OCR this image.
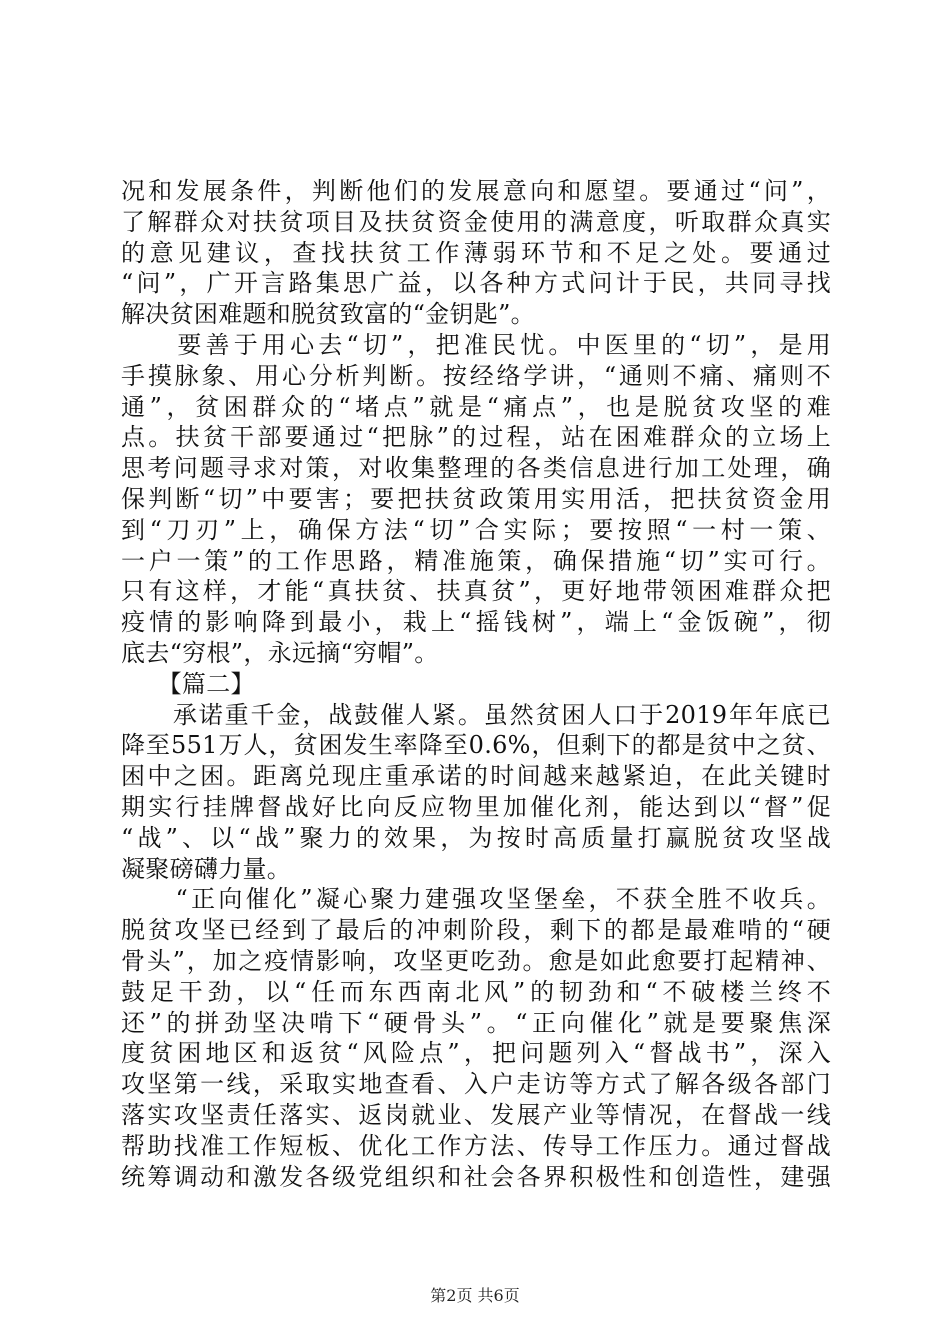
况和发展条件，判断他们的发展意向和愿望。要通过“问”，
了解群众对扶贫项目及扶贫资金使用的满意度，听取群众真实
的意见建议，查找扶贫工作薄弱环节和不足之处。要通过
“问”，广开言路集思广益，以各种方式问计于民，共同寻找
解决贫困难题和脱贫致富的“金钥匙”。
　　要善于用心去“切”，把准民忧。中医里的“切”，是用
手摸脉象、用心分析判断。按经络学讲，“通则不痛、痛则不
通”，贫困群众的“堵点”就是“痛点”，也是脱贫攻坚的难
点。扶贫干部要通过“把脉”的过程，站在困难群众的立场上
思考问题寻求对策，对收集整理的各类信息进行加工处理，确
保判断“切”中要害；要把扶贫政策用实用活，把扶贫资金用
到“刀刃”上，确保方法“切”合实际；要按照“一村一策、
一户一策”的工作思路，精准施策，确保措施“切”实可行。
只有这样，才能“真扶贫、扶真贫”，更好地带领困难群众把
疫情的影响降到最小，栽上“摇钱树”，端上“金饭碗”，彻
底去“穷根”，永远摘“穷帽”。
　　【篇二】
　　承诺重千金，战鼓催人紧。虽然贫困人口于2019年年底已
降至551万人，贫困发生率降至0.6%，但剩下的都是贫中之贫、
困中之困。距离兑现庄重承诺的时间越来越紧迫，在此关键时
期实行挂牌督战好比向反应物里加催化剂，能达到以“督”促
“战”、以“战”聚力的效果，为按时高质量打赢脱贫攻坚战
凝聚磅礴力量。
　　“正向催化”凝心聚力建强攻坚堡垒，不获全胜不收兵。
脱贫攻坚已经到了最后的冲刺阶段，剩下的都是最难啃的“硬
骨头”，加之疫情影响，攻坚更吃劲。愈是如此愈要打起精神、
鼓足干劲，以“任而东西南北风”的韧劲和“不破楼兰终不
还”的拼劲坚决啃下“硬骨头”。“正向催化”就是要聚焦深
度贫困地区和返贫“风险点”，把问题列入“督战书”，深入
攻坚第一线，采取实地查看、入户走访等方式了解各级各部门
落实攻坚责任落实、返岗就业、发展产业等情况，在督战一线
帮助找准工作短板、优化工作方法、传导工作压力。通过督战
统筹调动和激发各级党组织和社会各界积极性和创造性，建强
第2页 共6页
